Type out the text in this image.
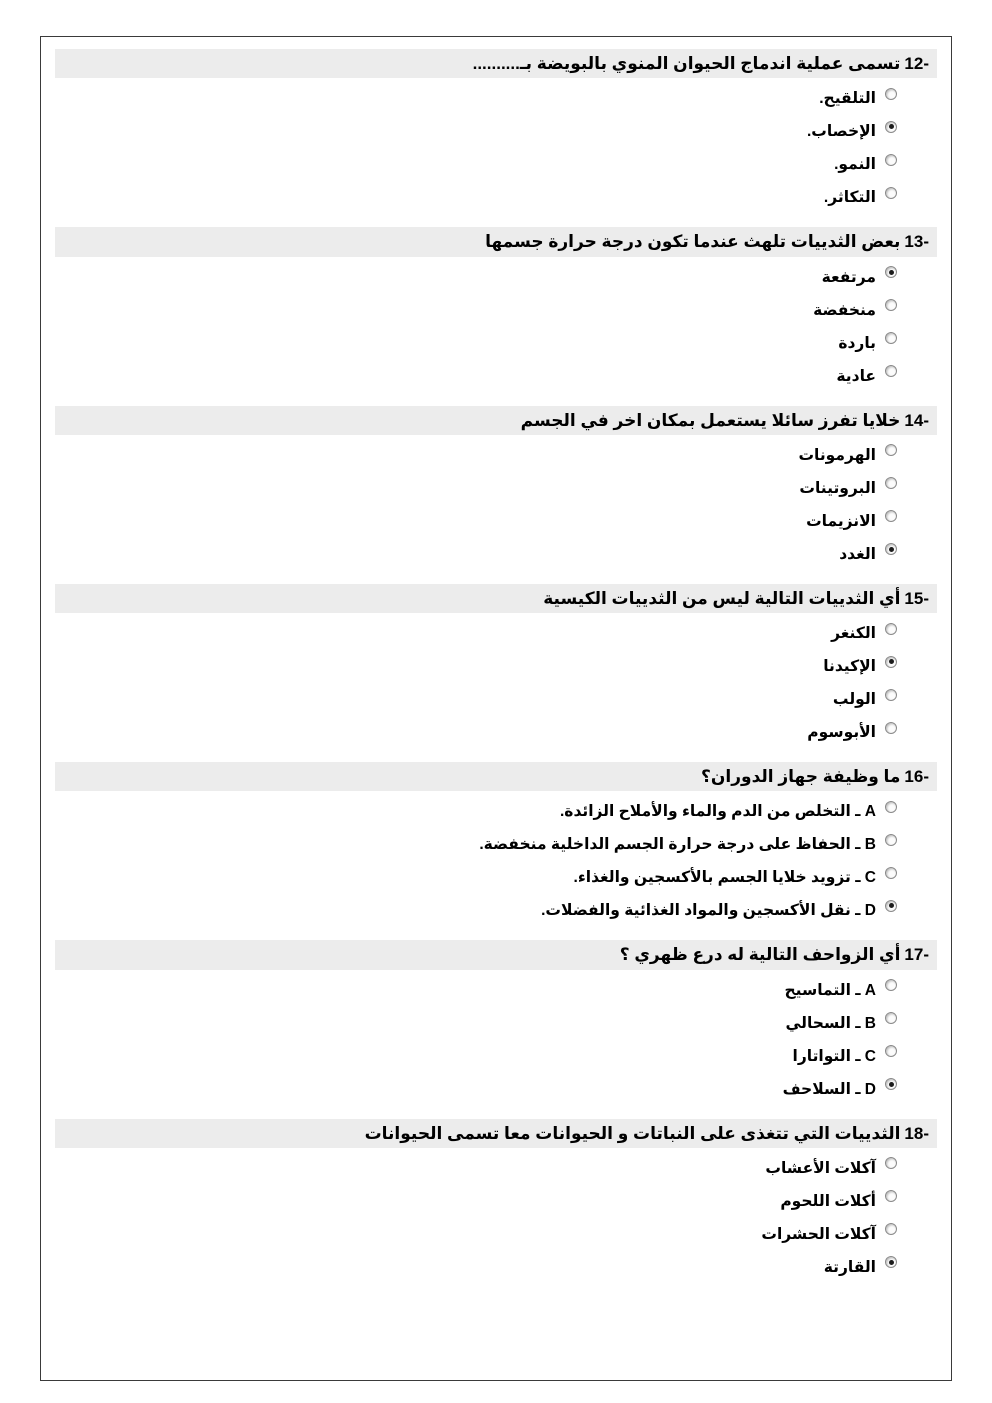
12-تسمى عملية اندماج الحيوان المنوي بالبويضة بـ..........
التلقيح.
الإخصاب.
النمو.
التكاثر.
13-بعض الثدييات تلهث عندما تكون درجة حرارة جسمها
مرتفعة
منخفضة
باردة
عادية
14-خلايا تفرز سائلا يستعمل بمكان اخر في الجسم
الهرمونات
البروتينات
الانزيمات
الغدد
15-أي الثدييات التالية ليس من الثدييات الكيسية
الكنغر
الإكيدنا
الولب
الأبوسوم
16-ما وظيفة جهاز الدوران؟
A ـ التخلص من الدم والماء والأملاح الزائدة.
B ـ الحفاظ على درجة حرارة الجسم الداخلية منخفضة.
C ـ تزويد خلايا الجسم بالأكسجين والغذاء.
D ـ نقل الأكسجين والمواد الغذائية والفضلات.
17-أي الزواحف التالية له درع ظهري ؟
A ـ التماسيح
B ـ السحالي
C ـ التواتارا
D ـ السلاحف
18-الثدييات التي تتغذى على النباتات و الحيوانات معا تسمى الحيوانات
آكلات الأعشاب
أكلات اللحوم
آكلات الحشرات
القارتة
